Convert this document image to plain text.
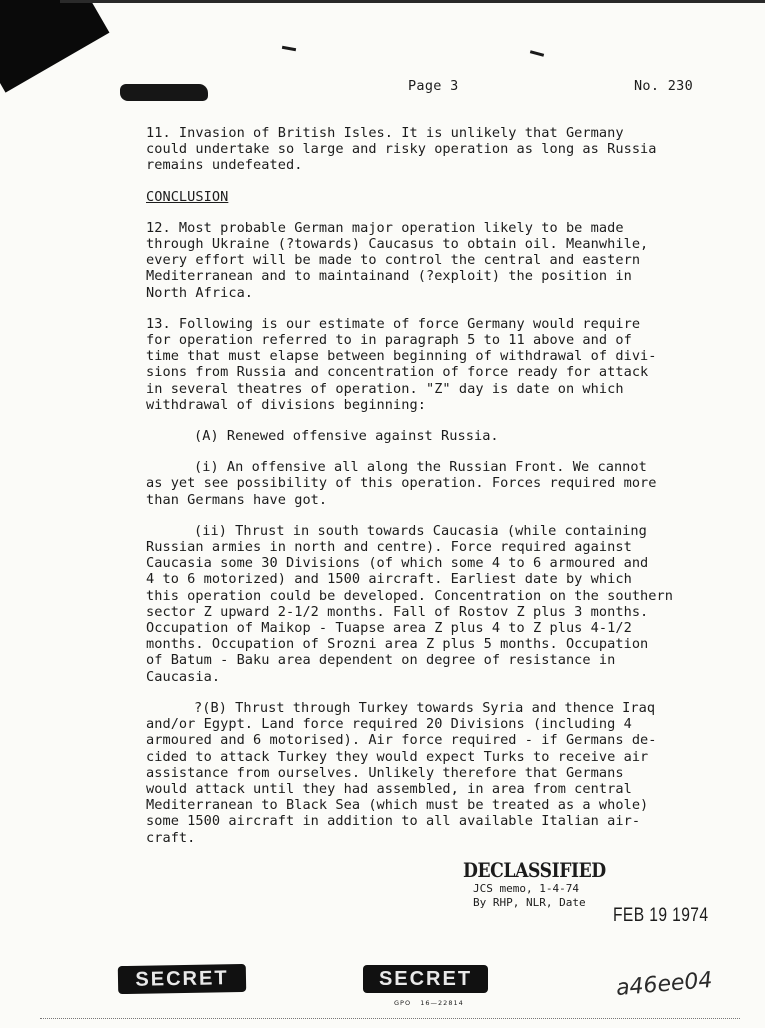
Page 3	No. 230

11. Invasion of British Isles. It is unlikely that Germany
could undertake so large and risky operation as long as Russia
remains undefeated.

CONCLUSION

12. Most probable German major operation likely to be made
through Ukraine (?towards) Caucasus to obtain oil. Meanwhile,
every effort will be made to control the central and eastern
Mediterranean and to maintainand (?exploit) the position in
North Africa.

13. Following is our estimate of force Germany would require
for operation referred to in paragraph 5 to 11 above and of
time that must elapse between beginning of withdrawal of divi-
sions from Russia and concentration of force ready for attack
in several theatres of operation. "Z" day is date on which
withdrawal of divisions beginning:

(A) Renewed offensive against Russia.

(i) An offensive all along the Russian Front. We cannot
as yet see possibility of this operation. Forces required more
than Germans have got.

(ii) Thrust in south towards Caucasia (while containing
Russian armies in north and centre). Force required against
Caucasia some 30 Divisions (of which some 4 to 6 armoured and
4 to 6 motorized) and 1500 aircraft. Earliest date by which
this operation could be developed. Concentration on the southern
sector Z upward 2-1/2 months. Fall of Rostov Z plus 3 months.
Occupation of Maikop - Tuapse area Z plus 4 to Z plus 4-1/2
months. Occupation of Srozni area Z plus 5 months. Occupation
of Batum - Baku area dependent on degree of resistance in
Caucasia.

?(B) Thrust through Turkey towards Syria and thence Iraq
and/or Egypt. Land force required 20 Divisions (including 4
armoured and 6 motorised). Air force required - if Germans de-
cided to attack Turkey they would expect Turks to receive air
assistance from ourselves. Unlikely therefore that Germans
would attack until they had assembled, in area from central
Mediterranean to Black Sea (which must be treated as a whole)
some 1500 aircraft in addition to all available Italian air-
craft.

DECLASSIFIED
JCS memo, 1-4-74
By RHP, NLR, Date
FEB 19 1974
SECRET	SECRET
GPO   16—22814
a46ee04
